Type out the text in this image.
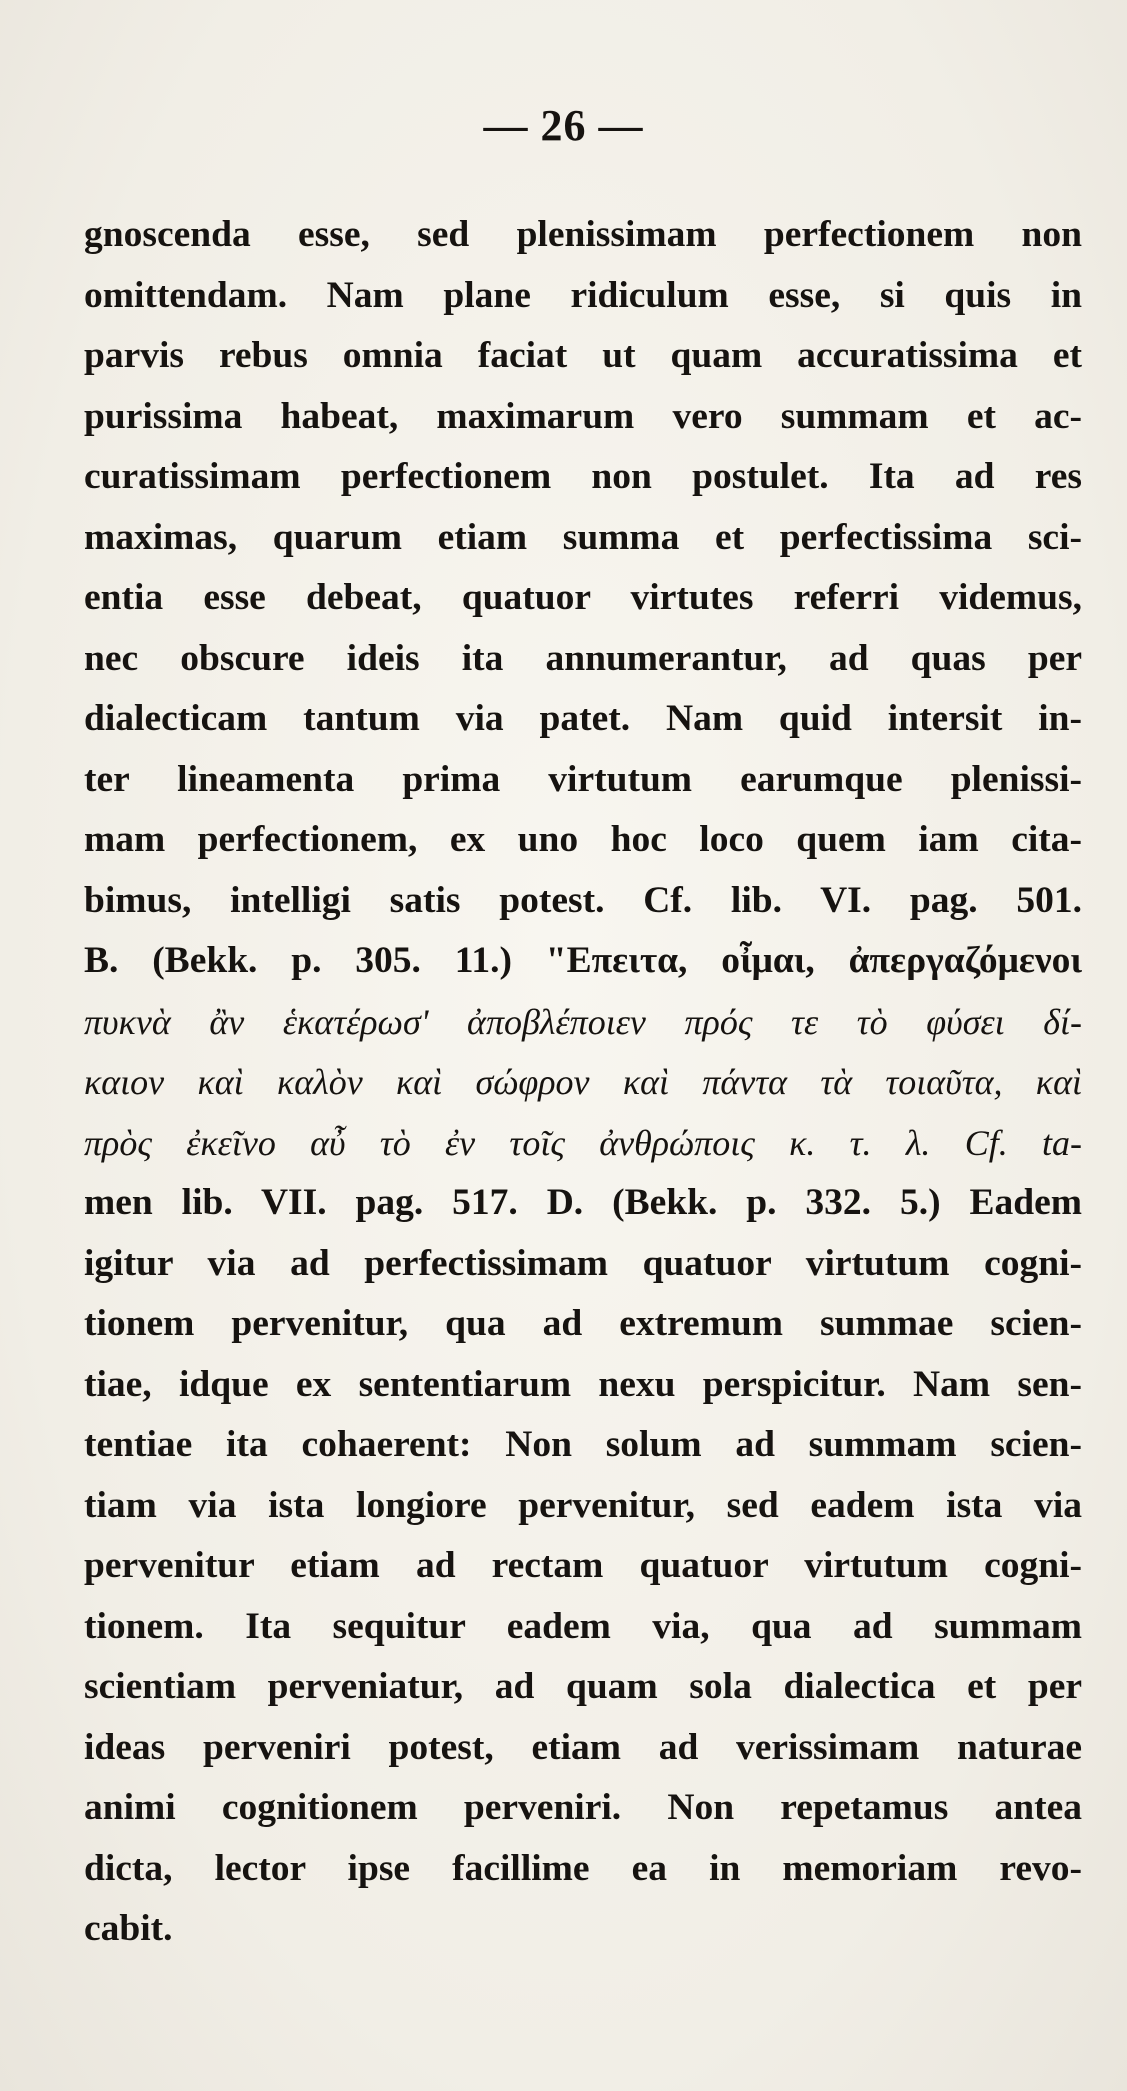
— 26 —
gnoscenda esse, sed plenissimam perfectionem non
omittendam. Nam plane ridiculum esse, si quis in
parvis rebus omnia faciat ut quam accuratissima et
purissima habeat, maximarum vero summam et ac-
curatissimam perfectionem non postulet. Ita ad res
maximas, quarum etiam summa et perfectissima sci-
entia esse debeat, quatuor virtutes referri videmus,
nec obscure ideis ita annumerantur, ad quas per
dialecticam tantum via patet. Nam quid intersit in-
ter lineamenta prima virtutum earumque plenissi-
mam perfectionem, ex uno hoc loco quem iam cita-
bimus, intelligi satis potest. Cf. lib. VI. pag. 501.
B. (Bekk. p. 305. 11.) "Επειτα, οἶμαι, ἀπεργαζόμενοι
πυκνὰ ἂν ἑκατέρωσ' ἀποβλέποιεν πρός τε τὸ φύσει δί-
καιον καὶ καλὸν καὶ σώφρον καὶ πάντα τὰ τοιαῦτα, καὶ
πρὸς ἐκεῖνο αὖ τὸ ἐν τοῖς ἀνθρώποις κ. τ. λ. Cf. ta-
men lib. VII. pag. 517. D. (Bekk. p. 332. 5.) Eadem
igitur via ad perfectissimam quatuor virtutum cogni-
tionem pervenitur, qua ad extremum summae scien-
tiae, idque ex sententiarum nexu perspicitur. Nam sen-
tentiae ita cohaerent: Non solum ad summam scien-
tiam via ista longiore pervenitur, sed eadem ista via
pervenitur etiam ad rectam quatuor virtutum cogni-
tionem. Ita sequitur eadem via, qua ad summam
scientiam perveniatur, ad quam sola dialectica et per
ideas perveniri potest, etiam ad verissimam naturae
animi cognitionem perveniri. Non repetamus antea
dicta, lector ipse facillime ea in memoriam revo-
cabit.
